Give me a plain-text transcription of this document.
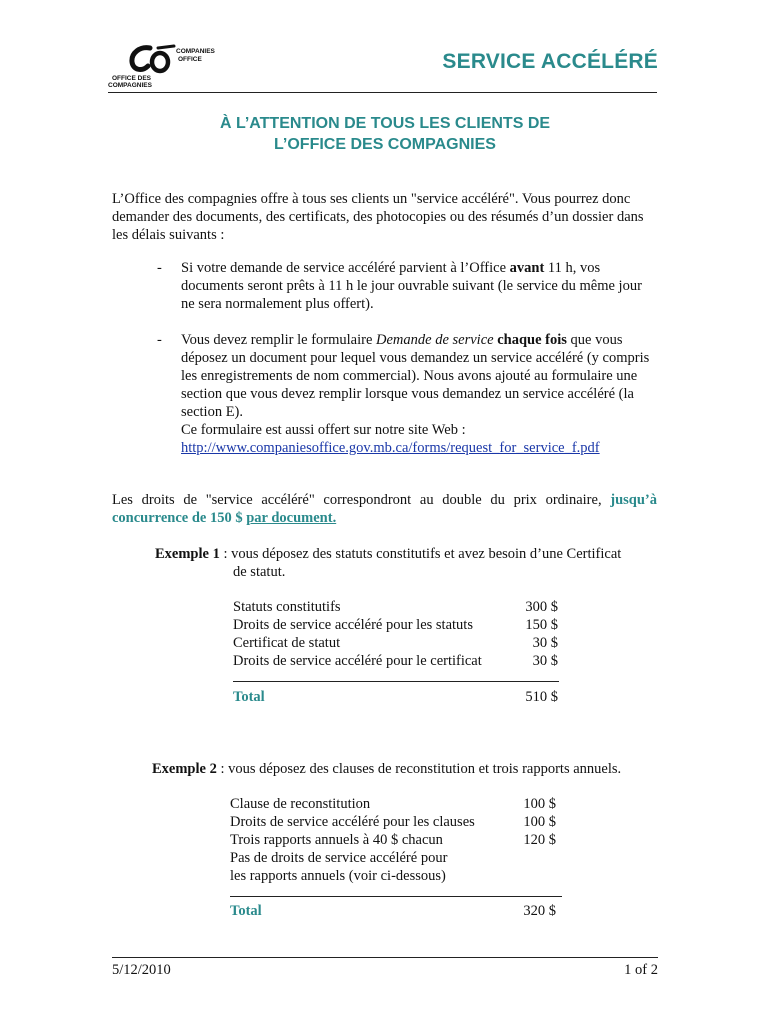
COMPANIES
OFFICE
OFFICE DES
COMPAGNIES
SERVICE ACCÉLÉRÉ
À L’ATTENTION DE TOUS LES CLIENTS DE
L’OFFICE DES COMPAGNIES
L’Office des compagnies offre à tous ses clients un "service accéléré". Vous pourrez donc demander des documents, des certificats, des photocopies ou des résumés d’un dossier dans les délais suivants :
- Si votre demande de service accéléré parvient à l’Office avant 11 h, vos documents seront prêts à 11 h le jour ouvrable suivant (le service du même jour ne sera normalement plus offert).
- Vous devez remplir le formulaire Demande de service chaque fois que vous déposez un document pour lequel vous demandez un service accéléré (y compris les enregistrements de nom commercial). Nous avons ajouté au formulaire une section que vous devez remplir lorsque vous demandez un service accéléré (la section E).
Ce formulaire est aussi offert sur notre site Web :
http://www.companiesoffice.gov.mb.ca/forms/request_for_service_f.pdf
Les droits de "service accéléré" correspondront au double du prix ordinaire, jusqu’à concurrence de 150 $ par document.
Exemple 1 : vous déposez des statuts constitutifs et avez besoin d’une Certificat
de statut.
Statuts constitutifs	300 $
Droits de service accéléré pour les statuts	150 $
Certificat de statut	30 $
Droits de service accéléré pour le certificat	30 $
Total	510 $
Exemple 2 : vous déposez des clauses de reconstitution et trois rapports annuels.
Clause de reconstitution	100 $
Droits de service accéléré pour les clauses	100 $
Trois rapports annuels à 40 $ chacun	120 $
Pas de droits de service accéléré pour
les rapports annuels (voir ci-dessous)
Total	320 $
5/12/2010	1 of 2
